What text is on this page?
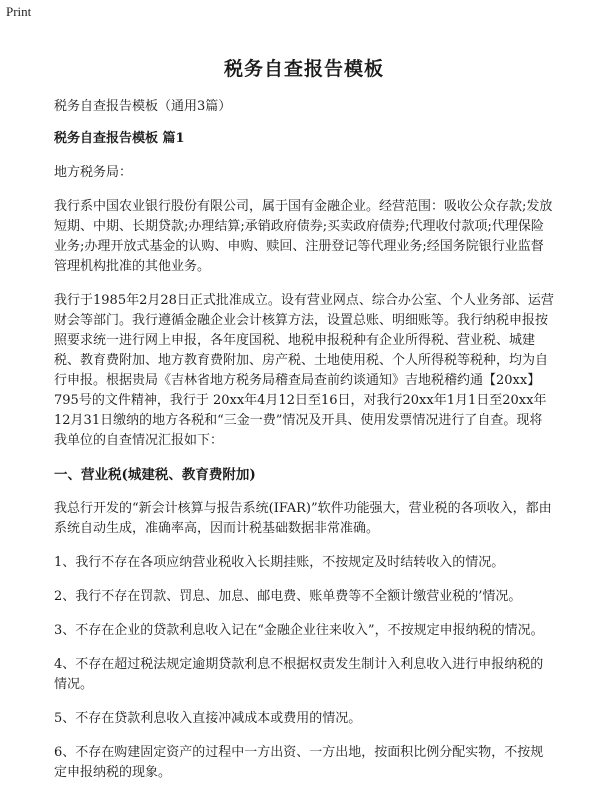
Print
税务自查报告模板

税务自查报告模板（通用3篇）

税务自查报告模板 篇1

地方税务局：

我行系中国农业银行股份有限公司，属于国有金融企业。经营范围：吸收公众存款;发放短期、中期、长期贷款;办理结算;承销政府债券;买卖政府债券;代理收付款项;代理保险业务;办理开放式基金的认购、申购、赎回、注册登记等代理业务;经国务院银行业监督管理机构批准的其他业务。

我行于1985年2月28日正式批准成立。设有营业网点、综合办公室、个人业务部、运营财会等部门。我行遵循金融企业会计核算方法，设置总账、明细账等。我行纳税申报按照要求统一进行网上申报，各年度国税、地税申报税种有企业所得税、营业税、城建税、教育费附加、地方教育费附加、房产税、土地使用税、个人所得税等税种，均为自行申报。根据贵局《吉林省地方税务局稽查局查前约谈通知》吉地税稽约通【20xx】795号的文件精神，我行于 20xx年4月12日至16日，对我行20xx年1月1日至20xx年12月31日缴纳的地方各税和“三金一费”情况及开具、使用发票情况进行了自查。现将我单位的自查情况汇报如下：

一、营业税(城建税、教育费附加)

我总行开发的“新会计核算与报告系统(IFAR)”软件功能强大，营业税的各项收入，都由系统自动生成，准确率高，因而计税基础数据非常准确。

1、我行不存在各项应纳营业税收入长期挂账，不按规定及时结转收入的情况。

2、我行不存在罚款、罚息、加息、邮电费、账单费等不全额计缴营业税的’情况。

3、不存在企业的贷款利息收入记在“金融企业往来收入”，不按规定申报纳税的情况。

4、不存在超过税法规定逾期贷款利息不根据权责发生制计入利息收入进行申报纳税的情况。

5、不存在贷款利息收入直接冲减成本或费用的情况。

6、不存在购建固定资产的过程中一方出资、一方出地，按面积比例分配实物，不按规定申报纳税的现象。
